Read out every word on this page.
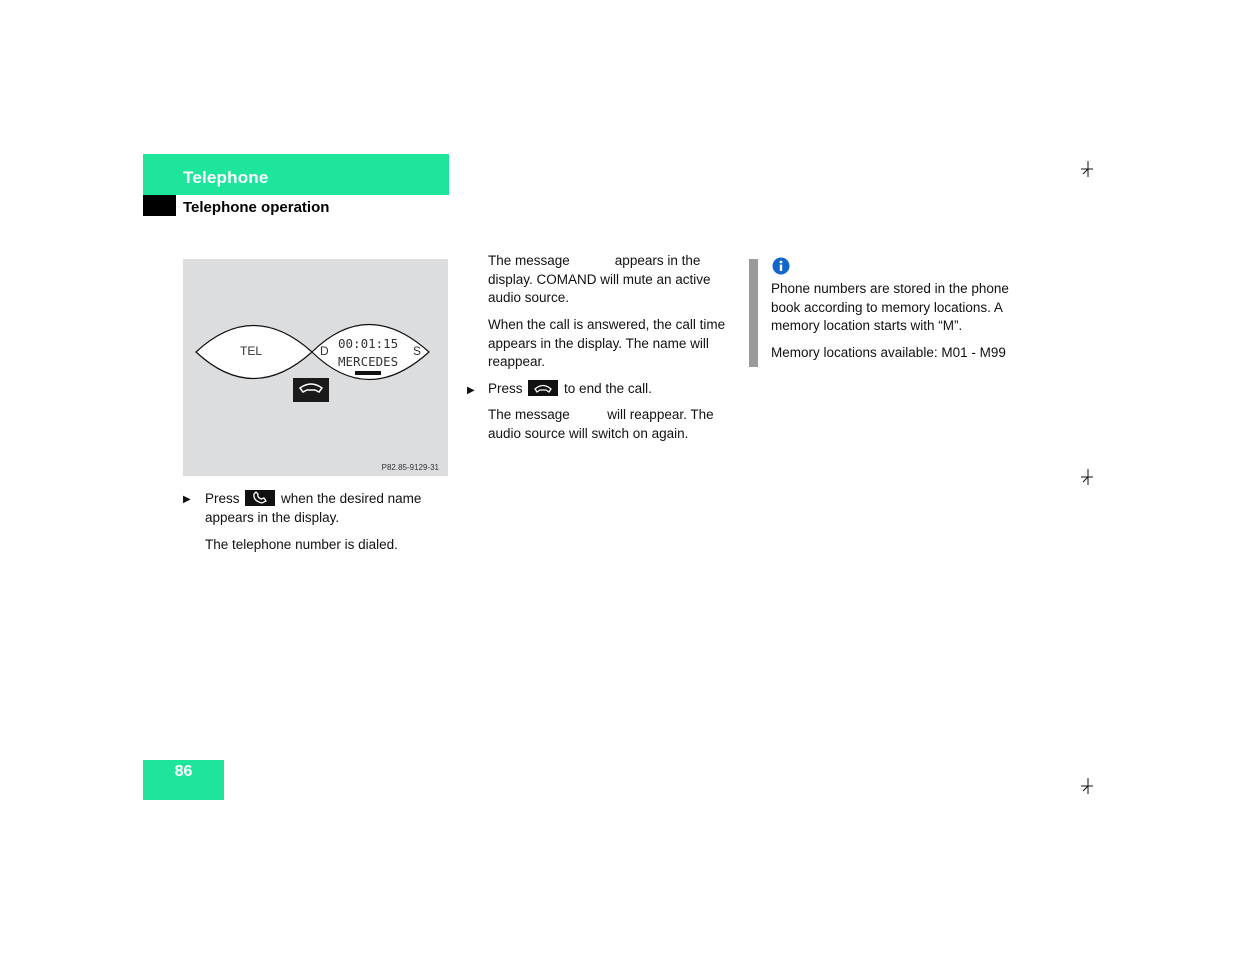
Telephone
Telephone operation
TEL	D	S
00:01:15
MERCEDES
P82.85-9129-31
▶ Press	when the desired name appears in the display.
The telephone number is dialed.
The message            appears in the display. COMAND will mute an active audio source.
When the call is answered, the call time appears in the display. The name will reappear.
▶ Press	to end the call.
The message          will reappear. The audio source will switch on again.
Phone numbers are stored in the phone book according to memory locations. A memory location starts with “M”.
Memory locations available: M01 - M99
86
